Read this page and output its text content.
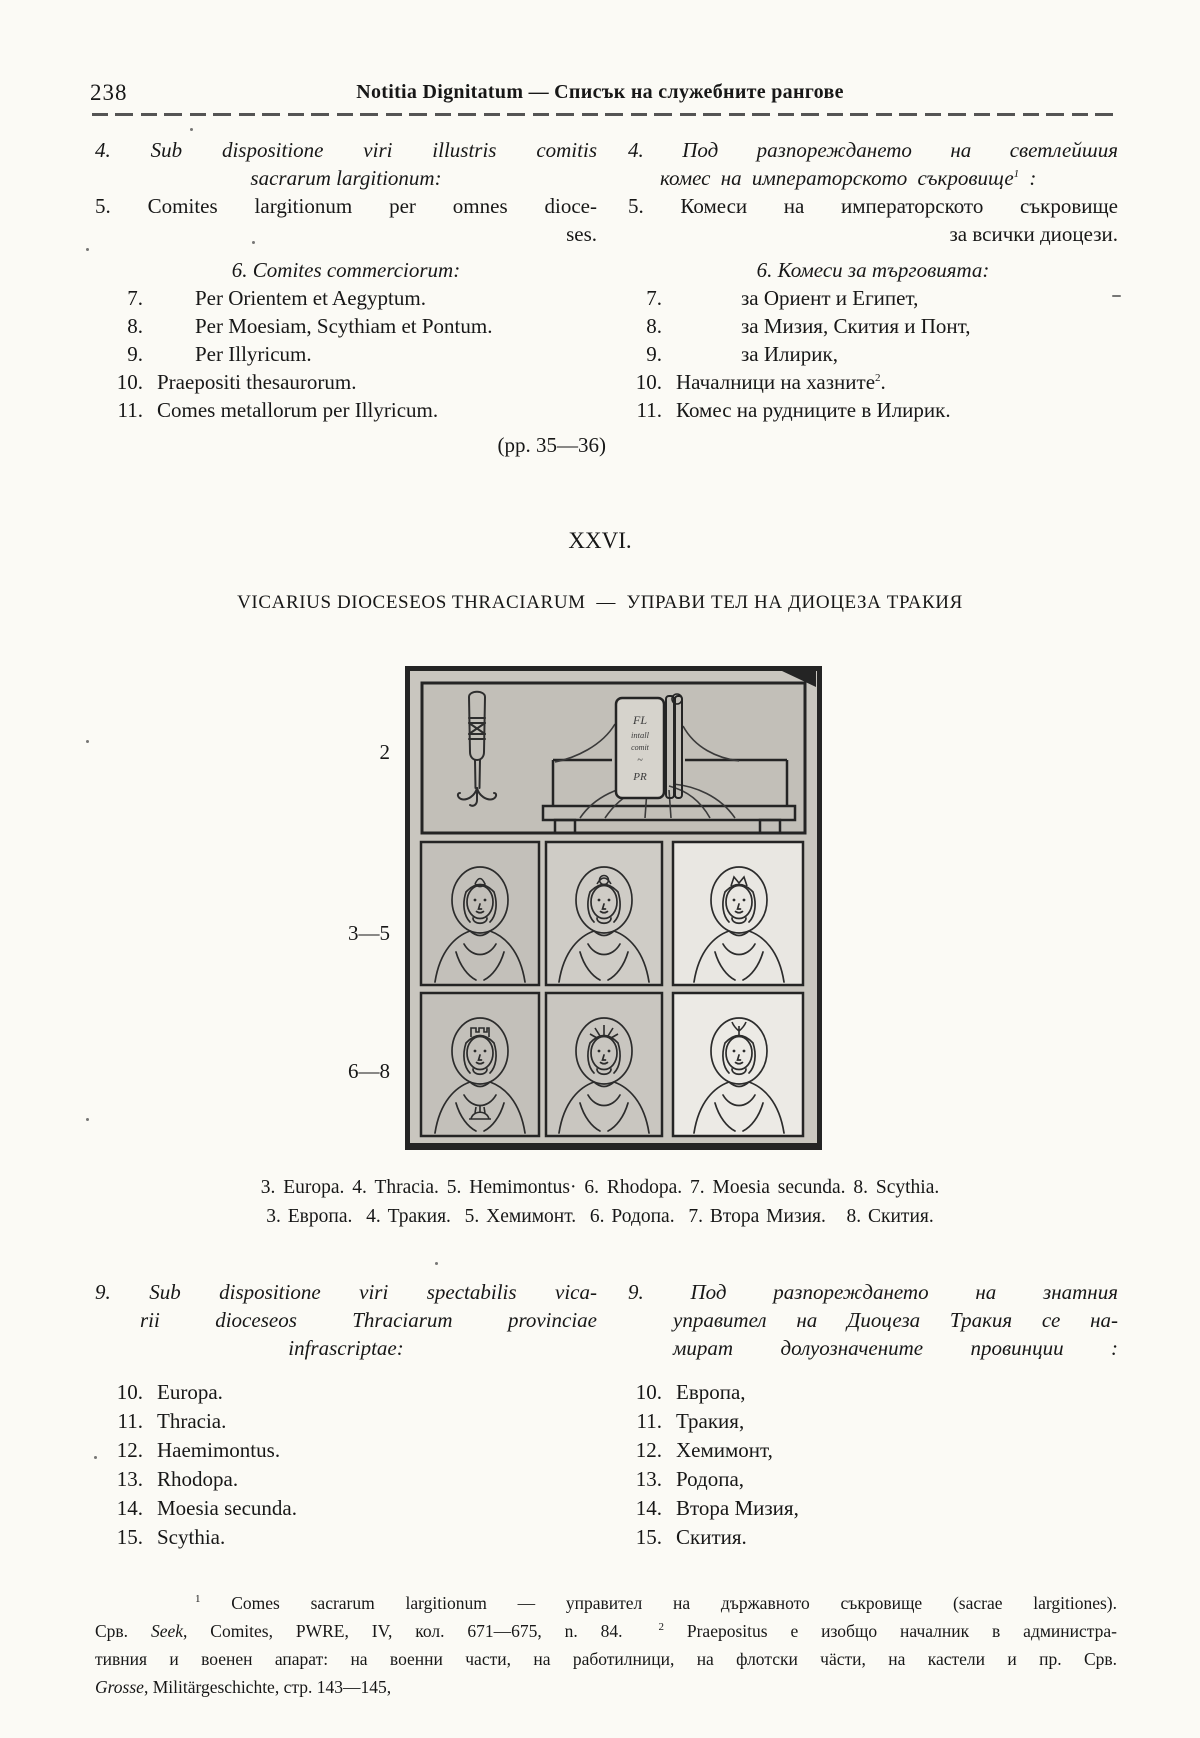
238	Notitia Dignitatum — Списък на служебните рангове
4. Sub dispositione viri illustris comitis
sacrarum largitionum:
5. Comites largitionum per omnes dioce-
ses.
6. Comites commerciorum:
7.	Per Orientem et Aegyptum.
8.	Per Moesiam, Scythiam et Pontum.
9.	Per Illyricum.
10. Praepositi thesaurorum.
11. Comes metallorum per Illyricum.
4. Под разпореждането на светлейшия
комес на императорското съкровище$^1$ :
5. Комеси на императорското съкровище
за всички диоцези.
6. Комеси за търговията:
7.	за Ориент и Египет,
8.	за Мизия, Скития и Понт,
9.	за Илирик,
10. Началници на хазните$^2$.
11. Комес на рудниците в Илирик.
(pp. 35—36)
XXVI.
VICARIUS DIOCESEOS THRACIARUM  —  УПРАВИ ТЕЛ НА ДИОЦЕЗА ТРАКИЯ
2
3—5
6—8
FL
intall
comit
~
PR
3. Europa. 4. Thracia. 5. Hemimontus· 6. Rhodopa. 7. Moesia secunda. 8. Scythia.
3. Европа.  4. Тракия.  5. Хемимонт.  6. Родопа.  7. Втора Мизия.   8. Скития.
9. Sub dispositione viri spectabilis vica-
rii dioceseos Thraciarum provinciae
infrascriptae:
10. Europa.
11. Thracia.
12. Haemimontus.
13. Rhodopa.
14. Moesia secunda.
15. Scythia.
9. Под разпореждането на знатния
управител на Диоцеза Тракия се на-
мират долуозначените провинции :
10. Европа,
11. Тракия,
12. Хемимонт,
13. Родопа,
14. Втора Мизия,
15. Скития.
$^1$ Comes sacrarum largitionum — управител на държавното съкровище (sacrae largitiones).
Срв. Seek, Comites, PWRE, IV, кол. 671—675, n. 84.	$^2$ Praepositus е изобщо началник в администра-
тивния и военен апарат: на военни части, на работилници, на флотски чäсти, на кастели и пр. Срв.
Grosse, Militärgeschichte, стр. 143—145,
